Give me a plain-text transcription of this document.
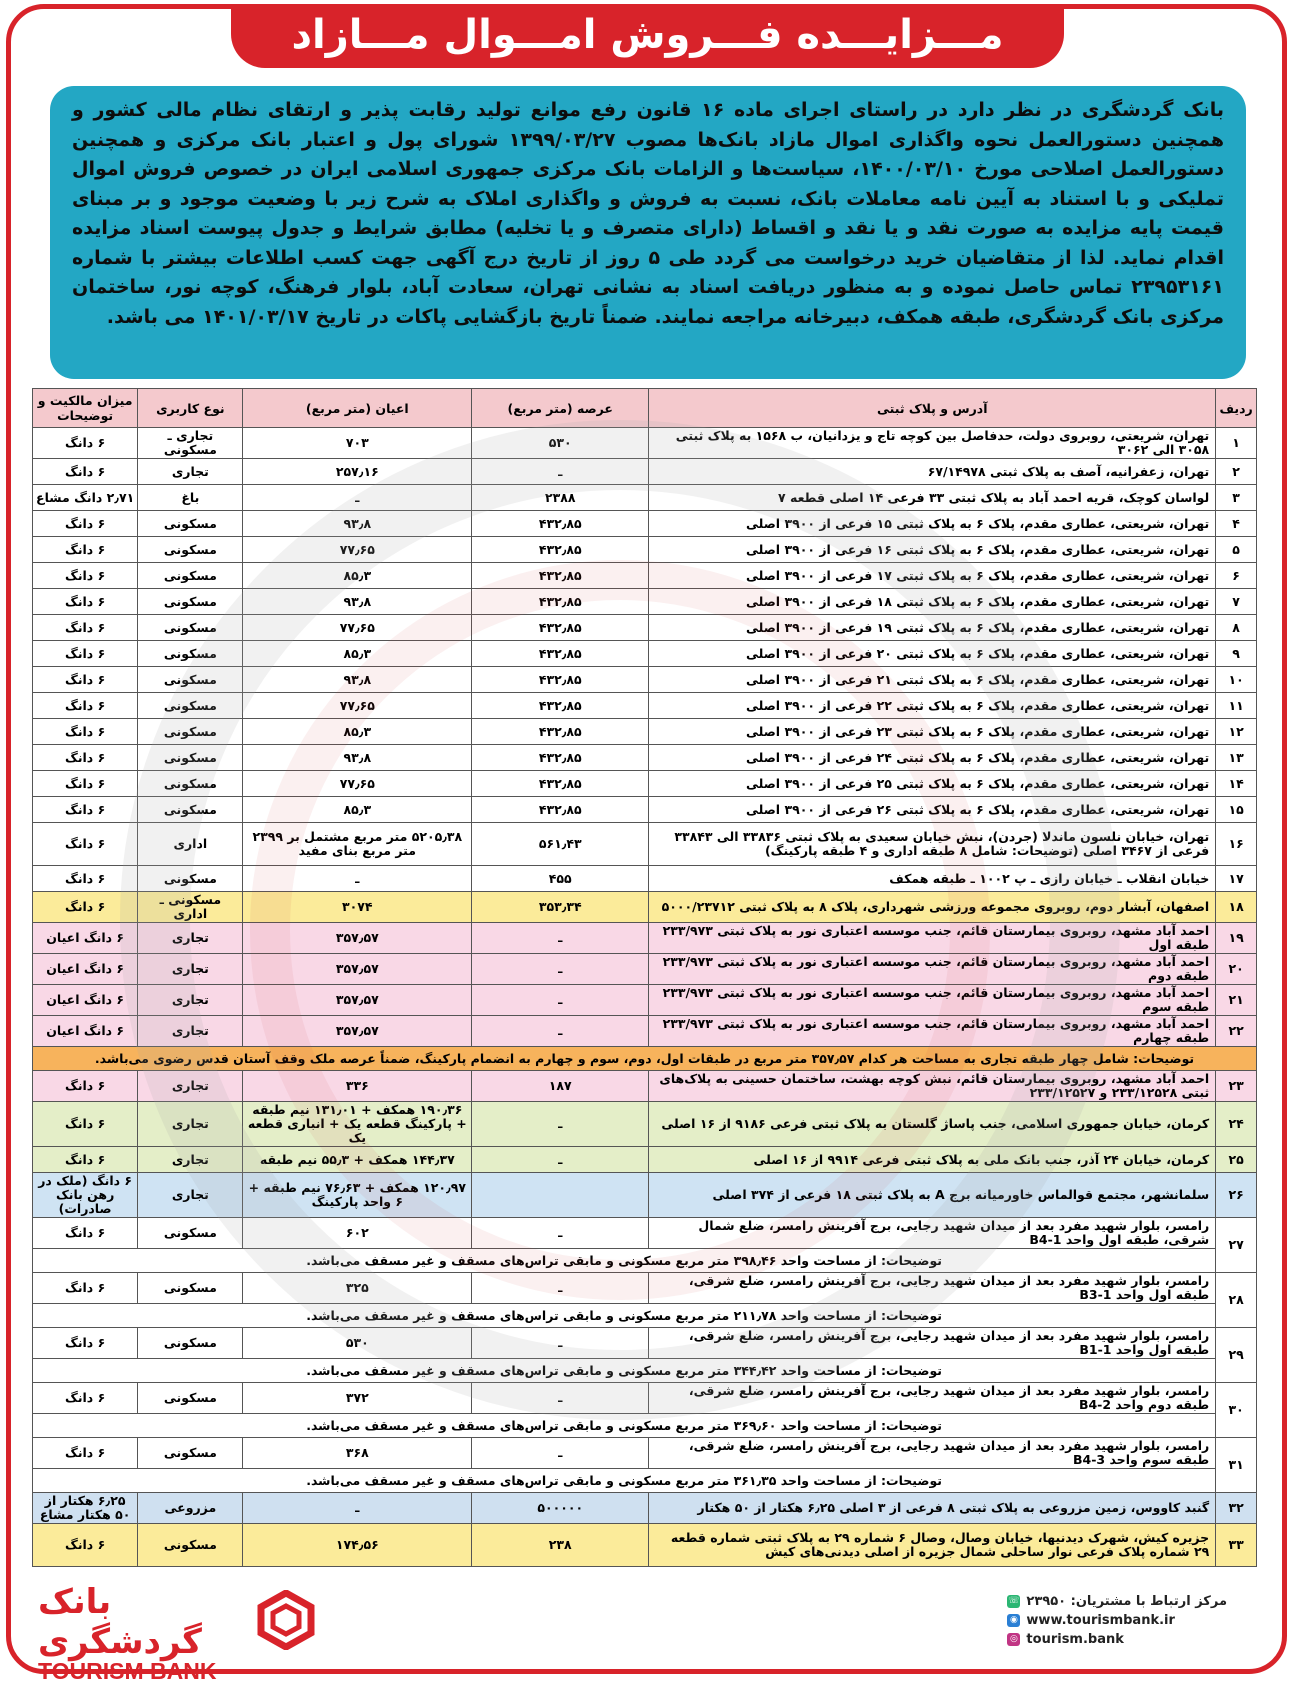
مـــزایـــده فـــروش امـــوال مـــازاد
بانک گردشگری در نظر دارد در راستای اجرای ماده ۱۶ قانون رفع موانع تولید رقابت پذیر و ارتقای نظام مالی کشور و همچنین دستورالعمل نحوه واگذاری اموال مازاد بانک‌ها مصوب ۱۳۹۹/۰۳/۲۷ شورای پول و اعتبار بانک مرکزی و همچنین دستورالعمل اصلاحی مورخ ۱۴۰۰/۰۳/۱۰، سیاست‌ها و الزامات بانک مرکزی جمهوری اسلامی ایران در خصوص فروش اموال تملیکی و با استناد به آیین نامه معاملات بانک، نسبت به فروش و واگذاری املاک به شرح زیر با وضعیت موجود و بر مبنای قیمت پایه مزایده به صورت نقد و یا نقد و اقساط (دارای متصرف و یا تخلیه) مطابق شرایط و جدول پیوست اسناد مزایده اقدام نماید. لذا از متقاضیان خرید درخواست می گردد طی ۵ روز از تاریخ درج آگهی جهت کسب اطلاعات بیشتر با شماره ۲۳۹۵۳۱۶۱ تماس حاصل نموده و به منظور دریافت اسناد به نشانی تهران، سعادت آباد، بلوار فرهنگ، کوچه نور، ساختمان مرکزی بانک گردشگری، طبقه همکف، دبیرخانه مراجعه نمایند. ضمناً تاریخ بازگشایی پاکات در تاریخ ۱۴۰۱/۰۳/۱۷ می باشد.
ردیف	آدرس و پلاک ثبتی	عرصه (متر مربع)	اعیان (متر مربع)	نوع کاربری	میزان مالکیت و توضیحات
۱	تهران، شریعتی، روبروی دولت، حدفاصل بین کوچه تاج و یزدانیان، ب ۱۵۶۸ به پلاک ثبتی ۳۰۵۸ الی ۳۰۶۲	۵۳۰	۷۰۳	تجاری ـ مسکونی	۶ دانگ
۲	تهران، زعفرانیه، آصف به پلاک ثبتی ۶۷/۱۴۹۷۸	ـ	۲۵۷٫۱۶	تجاری	۶ دانگ
۳	لواسان کوچک، قریه احمد آباد به پلاک ثبتی ۳۳ فرعی ۱۴ اصلی قطعه ۷	۲۳۸۸	ـ	باغ	۲٫۷۱ دانگ مشاع
۴	تهران، شریعتی، عطاری مقدم، پلاک ۶ به پلاک ثبتی ۱۵ فرعی از ۳۹۰۰ اصلی	۴۳۲٫۸۵	۹۳٫۸	مسکونی	۶ دانگ
۵	تهران، شریعتی، عطاری مقدم، پلاک ۶ به پلاک ثبتی ۱۶ فرعی از ۳۹۰۰ اصلی	۴۳۲٫۸۵	۷۷٫۶۵	مسکونی	۶ دانگ
۶	تهران، شریعتی، عطاری مقدم، پلاک ۶ به پلاک ثبتی ۱۷ فرعی از ۳۹۰۰ اصلی	۴۳۲٫۸۵	۸۵٫۳	مسکونی	۶ دانگ
۷	تهران، شریعتی، عطاری مقدم، پلاک ۶ به پلاک ثبتی ۱۸ فرعی از ۳۹۰۰ اصلی	۴۳۲٫۸۵	۹۳٫۸	مسکونی	۶ دانگ
۸	تهران، شریعتی، عطاری مقدم، پلاک ۶ به پلاک ثبتی ۱۹ فرعی از ۳۹۰۰ اصلی	۴۳۲٫۸۵	۷۷٫۶۵	مسکونی	۶ دانگ
۹	تهران، شریعتی، عطاری مقدم، پلاک ۶ به پلاک ثبتی ۲۰ فرعی از ۳۹۰۰ اصلی	۴۳۲٫۸۵	۸۵٫۳	مسکونی	۶ دانگ
۱۰	تهران، شریعتی، عطاری مقدم، پلاک ۶ به پلاک ثبتی ۲۱ فرعی از ۳۹۰۰ اصلی	۴۳۲٫۸۵	۹۳٫۸	مسکونی	۶ دانگ
۱۱	تهران، شریعتی، عطاری مقدم، پلاک ۶ به پلاک ثبتی ۲۲ فرعی از ۳۹۰۰ اصلی	۴۳۲٫۸۵	۷۷٫۶۵	مسکونی	۶ دانگ
۱۲	تهران، شریعتی، عطاری مقدم، پلاک ۶ به پلاک ثبتی ۲۳ فرعی از ۳۹۰۰ اصلی	۴۳۲٫۸۵	۸۵٫۳	مسکونی	۶ دانگ
۱۳	تهران، شریعتی، عطاری مقدم، پلاک ۶ به پلاک ثبتی ۲۴ فرعی از ۳۹۰۰ اصلی	۴۳۲٫۸۵	۹۳٫۸	مسکونی	۶ دانگ
۱۴	تهران، شریعتی، عطاری مقدم، پلاک ۶ به پلاک ثبتی ۲۵ فرعی از ۳۹۰۰ اصلی	۴۳۲٫۸۵	۷۷٫۶۵	مسکونی	۶ دانگ
۱۵	تهران، شریعتی، عطاری مقدم، پلاک ۶ به پلاک ثبتی ۲۶ فرعی از ۳۹۰۰ اصلی	۴۳۲٫۸۵	۸۵٫۳	مسکونی	۶ دانگ
۱۶	تهران، خیابان نلسون ماندلا (جردن)، نبش خیابان سعیدی به پلاک ثبتی ۳۳۸۳۶ الی ۳۳۸۴۳ فرعی از ۳۴۶۷ اصلی (توضیحات: شامل ۸ طبقه اداری و ۴ طبقه پارکینگ)	۵۶۱٫۴۳	۵۲۰۵٫۳۸ متر مربع مشتمل بر ۲۳۹۹ متر مربع بنای مفید	اداری	۶ دانگ
۱۷	خیابان انقلاب ـ خیابان رازی ـ پ ۱۰۰۲ ـ طبقه همکف	۴۵۵	ـ	مسکونی	۶ دانگ
۱۸	اصفهان، آبشار دوم، روبروی مجموعه ورزشی شهرداری، پلاک ۸ به پلاک ثبتی ۵۰۰۰/۲۳۷۱۲	۳۵۳٫۳۴	۳۰۷۴	مسکونی ـ اداری	۶ دانگ
۱۹	احمد آباد مشهد، روبروی بیمارستان قائم، جنب موسسه اعتباری نور به پلاک ثبتی ۲۳۳/۹۷۳ طبقه اول	ـ	۳۵۷٫۵۷	تجاری	۶ دانگ اعیان
۲۰	احمد آباد مشهد، روبروی بیمارستان قائم، جنب موسسه اعتباری نور به پلاک ثبتی ۲۳۳/۹۷۳ طبقه دوم	ـ	۳۵۷٫۵۷	تجاری	۶ دانگ اعیان
۲۱	احمد آباد مشهد، روبروی بیمارستان قائم، جنب موسسه اعتباری نور به پلاک ثبتی ۲۳۳/۹۷۳ طبقه سوم	ـ	۳۵۷٫۵۷	تجاری	۶ دانگ اعیان
۲۲	احمد آباد مشهد، روبروی بیمارستان قائم، جنب موسسه اعتباری نور به پلاک ثبتی ۲۳۳/۹۷۳ طبقه چهارم	ـ	۳۵۷٫۵۷	تجاری	۶ دانگ اعیان
توضیحات: شامل چهار طبقه تجاری به مساحت هر کدام ۳۵۷٫۵۷ متر مربع در طبقات اول، دوم، سوم و چهارم به انضمام پارکینگ، ضمناً عرصه ملک وقف آستان قدس رضوی می‌باشد.					
۲۳	احمد آباد مشهد، روبروی بیمارستان قائم، نبش کوچه بهشت، ساختمان حسینی به پلاک‌های ثبتی ۲۳۳/۱۲۵۲۸ و ۲۳۳/۱۲۵۲۷	۱۸۷	۳۳۶	تجاری	۶ دانگ
۲۴	کرمان، خیابان جمهوری اسلامی، جنب پاساژ گلستان به پلاک ثبتی فرعی ۹۱۸۶ از ۱۶ اصلی	ـ	۱۹۰٫۳۶ همکف + ۱۳۱٫۰۱ نیم طبقه + پارکینگ قطعه یک + انباری قطعه یک	تجاری	۶ دانگ
۲۵	کرمان، خیابان ۲۴ آذر، جنب بانک ملی به پلاک ثبتی فرعی ۹۹۱۴ از ۱۶ اصلی	ـ	۱۴۴٫۳۷ همکف + ۵۵٫۳ نیم طبقه	تجاری	۶ دانگ
۲۶	سلمانشهر، مجتمع قوالماس خاورمیانه برج A به پلاک ثبتی ۱۸ فرعی از ۳۷۴ اصلی		۱۲۰٫۹۷ همکف + ۷۶٫۶۳ نیم طبقه + ۶ واحد پارکینگ	تجاری	۶ دانگ (ملک در رهن بانک صادرات)
۲۷	رامسر، بلوار شهید مفرد بعد از میدان شهید رجایی، برج آفرینش رامسر، ضلع شمال شرقی، طبقه اول واحد B4-1	ـ	۶۰۲	مسکونی	۶ دانگ
	توضیحات: از مساحت واحد ۳۹۸٫۴۶ متر مربع مسکونی و مابقی تراس‌های مسقف و غیر مسقف می‌باشد.				
۲۸	رامسر، بلوار شهید مفرد بعد از میدان شهید رجایی، برج آفرینش رامسر، ضلع شرقی، طبقه اول واحد B3-1	ـ	۳۲۵	مسکونی	۶ دانگ
	توضیحات: از مساحت واحد ۲۱۱٫۷۸ متر مربع مسکونی و مابقی تراس‌های مسقف و غیر مسقف می‌باشد.				
۲۹	رامسر، بلوار شهید مفرد بعد از میدان شهید رجایی، برج آفرینش رامسر، ضلع شرقی، طبقه اول واحد B1-1	ـ	۵۳۰	مسکونی	۶ دانگ
	توضیحات: از مساحت واحد ۳۴۴٫۴۲ متر مربع مسکونی و مابقی تراس‌های مسقف و غیر مسقف می‌باشد.				
۳۰	رامسر، بلوار شهید مفرد بعد از میدان شهید رجایی، برج آفرینش رامسر، ضلع شرقی، طبقه دوم واحد B4-2	ـ	۳۷۲	مسکونی	۶ دانگ
	توضیحات: از مساحت واحد ۳۶۹٫۶۰ متر مربع مسکونی و مابقی تراس‌های مسقف و غیر مسقف می‌باشد.				
۳۱	رامسر، بلوار شهید مفرد بعد از میدان شهید رجایی، برج آفرینش رامسر، ضلع شرقی، طبقه سوم واحد B4-3	ـ	۳۶۸	مسکونی	۶ دانگ
	توضیحات: از مساحت واحد ۳۶۱٫۳۵ متر مربع مسکونی و مابقی تراس‌های مسقف و غیر مسقف می‌باشد.				
۳۲	گنبد کاووس، زمین مزروعی به پلاک ثبتی ۸ فرعی از ۳ اصلی ۶٫۲۵ هکتار از ۵۰ هکتار	۵۰۰۰۰۰	ـ	مزروعی	۶٫۲۵ هکتار از ۵۰ هکتار مشاع
۳۳	جزیره کیش، شهرک دیدنیها، خیابان وصال، وصال ۶ شماره ۲۹ به پلاک ثبتی شماره قطعه ۲۹ شماره پلاک فرعی نوار ساحلی شمال جزیره از اصلی دیدنی‌های کیش	۲۳۸	۱۷۴٫۵۶	مسکونی	۶ دانگ
بانک گردشگری
TOURISM BANK
☏ مرکز ارتباط با مشتریان: ۲۳۹۵۰
◉ www.tourismbank.ir
◎ tourism.bank
